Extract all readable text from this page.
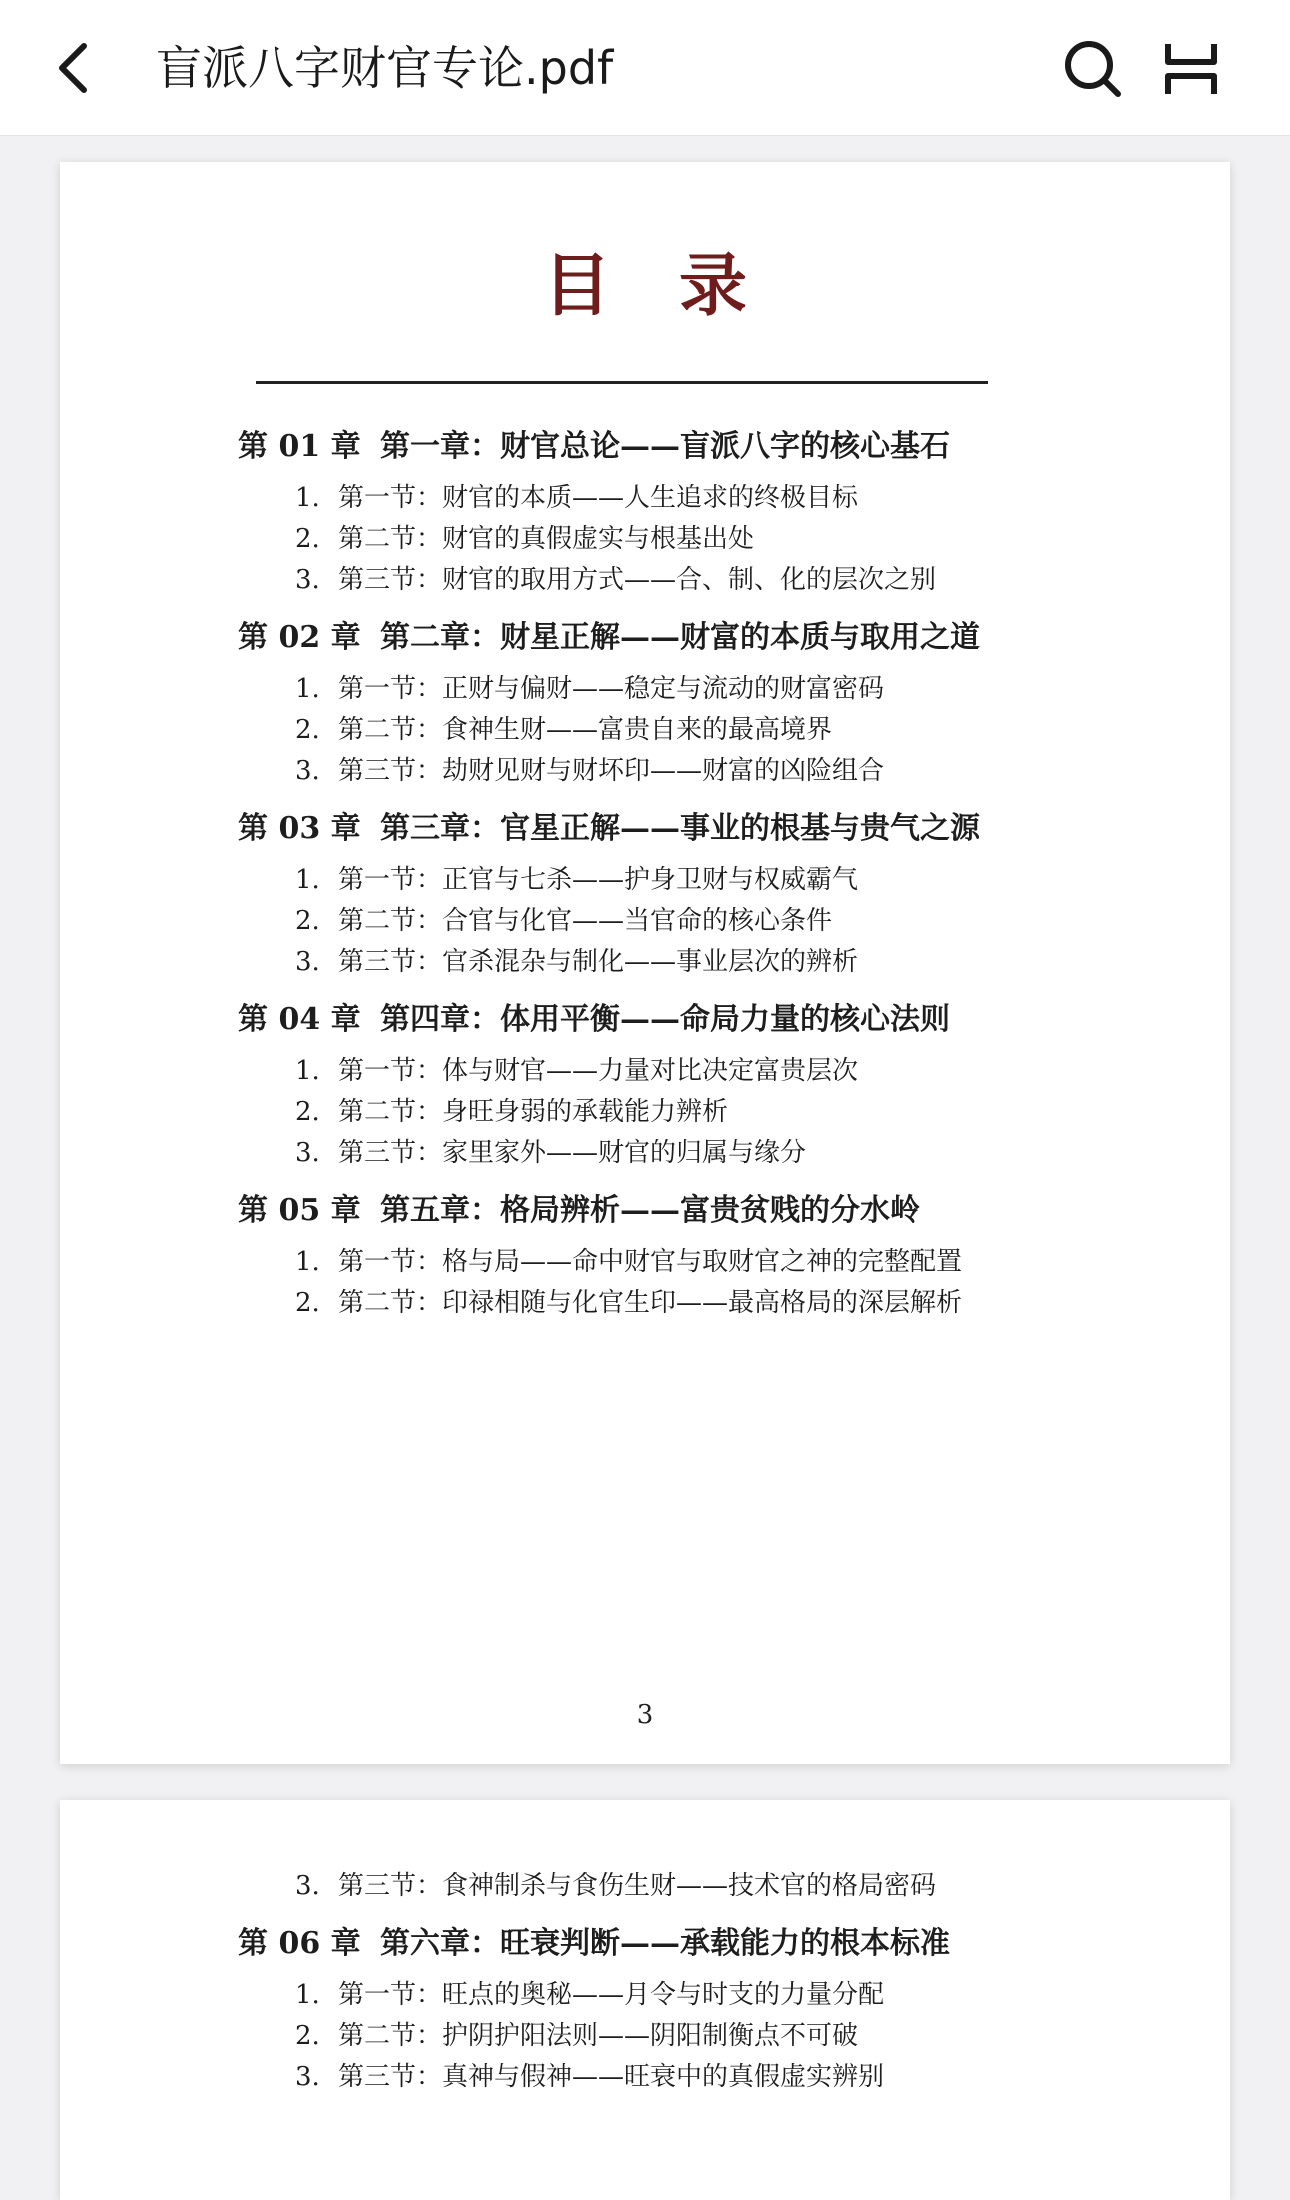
盲派八字财官专论.pdf
目录
第 01 章 第一章：财官总论——盲派八字的核心基石

1. 第一节：财官的本质——人生追求的终极目标

2. 第二节：财官的真假虚实与根基出处

3. 第三节：财官的取用方式——合、制、化的层次之别

第 02 章 第二章：财星正解——财富的本质与取用之道

1. 第一节：正财与偏财——稳定与流动的财富密码

2. 第二节：食神生财——富贵自来的最高境界

3. 第三节：劫财见财与财坏印——财富的凶险组合

第 03 章 第三章：官星正解——事业的根基与贵气之源

1. 第一节：正官与七杀——护身卫财与权威霸气

2. 第二节：合官与化官——当官命的核心条件

3. 第三节：官杀混杂与制化——事业层次的辨析

第 04 章 第四章：体用平衡——命局力量的核心法则

1. 第一节：体与财官——力量对比决定富贵层次

2. 第二节：身旺身弱的承载能力辨析

3. 第三节：家里家外——财官的归属与缘分

第 05 章 第五章：格局辨析——富贵贫贱的分水岭

1. 第一节：格与局——命中财官与取财官之神的完整配置

2. 第二节：印禄相随与化官生印——最高格局的深层解析

3

3. 第三节：食神制杀与食伤生财——技术官的格局密码

第 06 章 第六章：旺衰判断——承载能力的根本标准

1. 第一节：旺点的奥秘——月令与时支的力量分配

2. 第二节：护阴护阳法则——阴阳制衡点不可破

3. 第三节：真神与假神——旺衰中的真假虚实辨别
